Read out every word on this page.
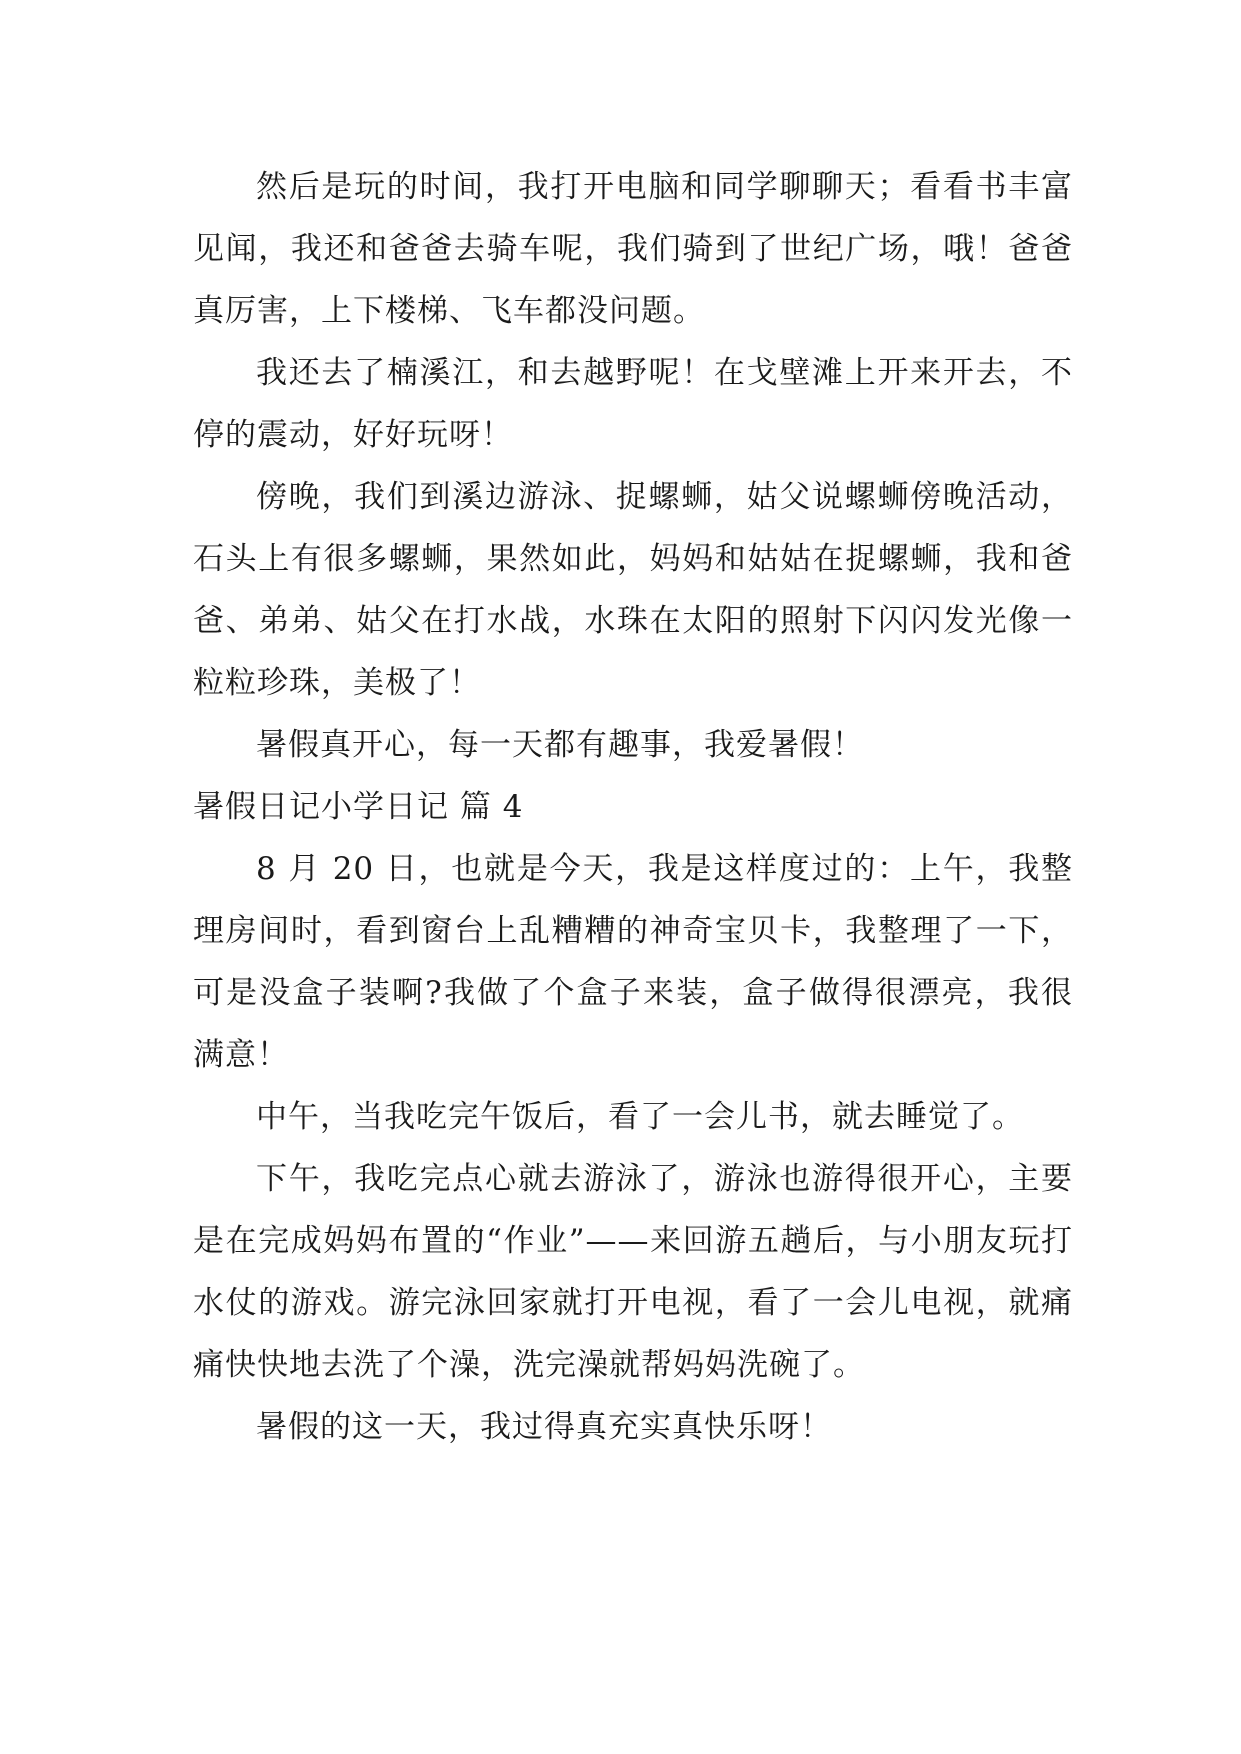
然后是玩的时间，我打开电脑和同学聊聊天；看看书丰富见闻，我还和爸爸去骑车呢，我们骑到了世纪广场，哦！爸爸真厉害，上下楼梯、飞车都没问题。

我还去了楠溪江，和去越野呢！在戈壁滩上开来开去，不停的震动，好好玩呀！

傍晚，我们到溪边游泳、捉螺蛳，姑父说螺蛳傍晚活动，石头上有很多螺蛳，果然如此，妈妈和姑姑在捉螺蛳，我和爸爸、弟弟、姑父在打水战，水珠在太阳的照射下闪闪发光像一粒粒珍珠，美极了！

暑假真开心，每一天都有趣事，我爱暑假！

暑假日记小学日记 篇 4

8 月 20 日，也就是今天，我是这样度过的：上午，我整理房间时，看到窗台上乱糟糟的神奇宝贝卡，我整理了一下，可是没盒子装啊?我做了个盒子来装，盒子做得很漂亮，我很满意！

中午，当我吃完午饭后，看了一会儿书，就去睡觉了。

下午，我吃完点心就去游泳了，游泳也游得很开心，主要是在完成妈妈布置的“作业”——来回游五趟后，与小朋友玩打水仗的游戏。游完泳回家就打开电视，看了一会儿电视，就痛痛快快地去洗了个澡，洗完澡就帮妈妈洗碗了。

暑假的这一天，我过得真充实真快乐呀！
